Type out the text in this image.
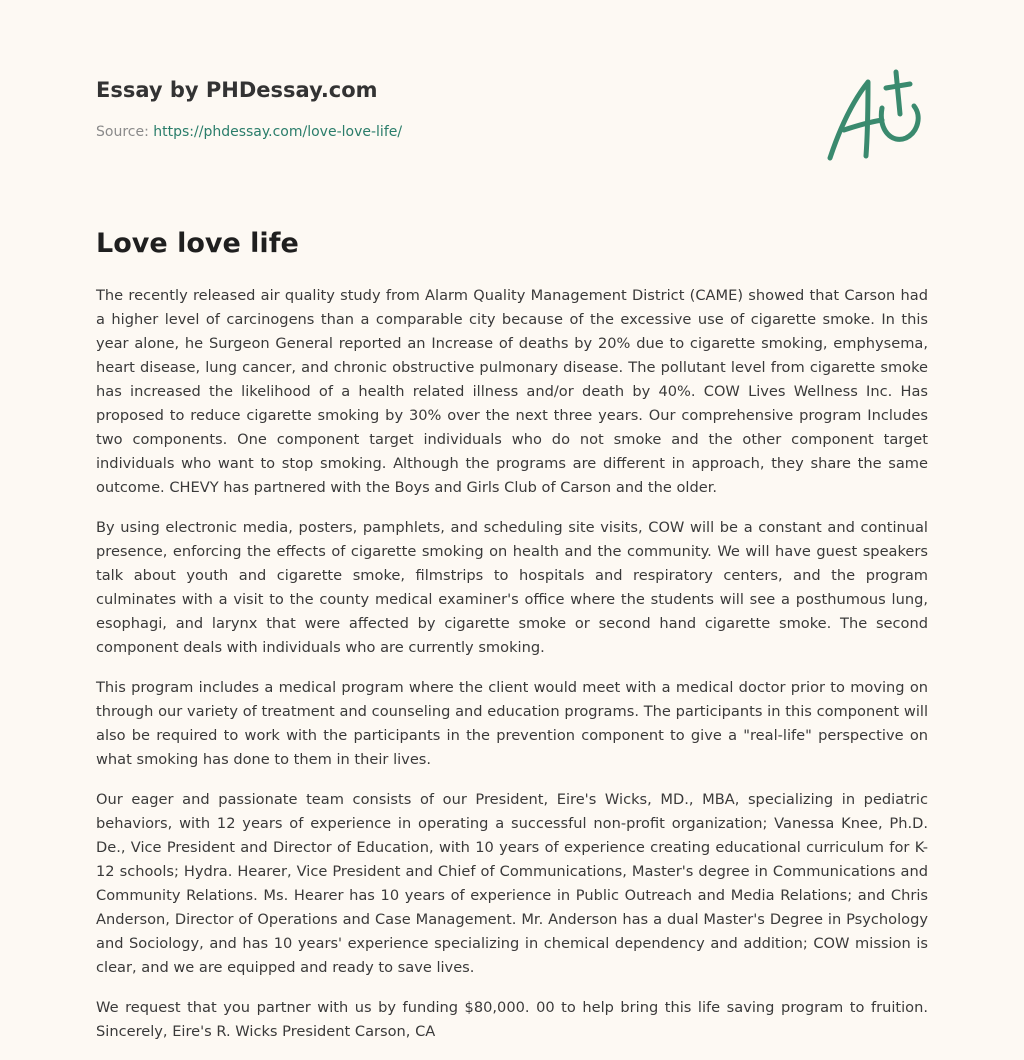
Essay by PHDessay.com
Source: https://phdessay.com/love-love-life/
Love love life

The recently released air quality study from Alarm Quality Management District (CAME) showed that Carson had a higher level of carcinogens than a comparable city because of the excessive use of cigarette smoke. In this year alone, he Surgeon General reported an Increase of deaths by 20% due to cigarette smoking, emphysema, heart disease, lung cancer, and chronic obstructive pulmonary disease. The pollutant level from cigarette smoke has increased the likelihood of a health related illness and/or death by 40%. COW Lives Wellness Inc. Has proposed to reduce cigarette smoking by 30% over the next three years. Our comprehensive program Includes two components. One component target individuals who do not smoke and the other component target individuals who want to stop smoking. Although the programs are different in approach, they share the same outcome. CHEVY has partnered with the Boys and Girls Club of Carson and the older.

By using electronic media, posters, pamphlets, and scheduling site visits, COW will be a constant and continual presence, enforcing the effects of cigarette smoking on health and the community. We will have guest speakers talk about youth and cigarette smoke, filmstrips to hospitals and respiratory centers, and the program culminates with a visit to the county medical examiner's office where the students will see a posthumous lung, esophagi, and larynx that were affected by cigarette smoke or second hand cigarette smoke. The second component deals with individuals who are currently smoking.

This program includes a medical program where the client would meet with a medical doctor prior to moving on through our variety of treatment and counseling and education programs. The participants in this component will also be required to work with the participants in the prevention component to give a "real-life" perspective on what smoking has done to them in their lives.

Our eager and passionate team consists of our President, Eire's Wicks, MD., MBA, specializing in pediatric behaviors, with 12 years of experience in operating a successful non-profit organization; Vanessa Knee, Ph.D. De., Vice President and Director of Education, with 10 years of experience creating educational curriculum for K-12 schools; Hydra. Hearer, Vice President and Chief of Communications, Master's degree in Communications and Community Relations. Ms. Hearer has 10 years of experience in Public Outreach and Media Relations; and Chris Anderson, Director of Operations and Case Management. Mr. Anderson has a dual Master's Degree in Psychology and Sociology, and has 10 years' experience specializing in chemical dependency and addition; COW mission is clear, and we are equipped and ready to save lives.

We request that you partner with us by funding $80,000. 00 to help bring this life saving program to fruition. Sincerely, Eire's R. Wicks President Carson, CA
